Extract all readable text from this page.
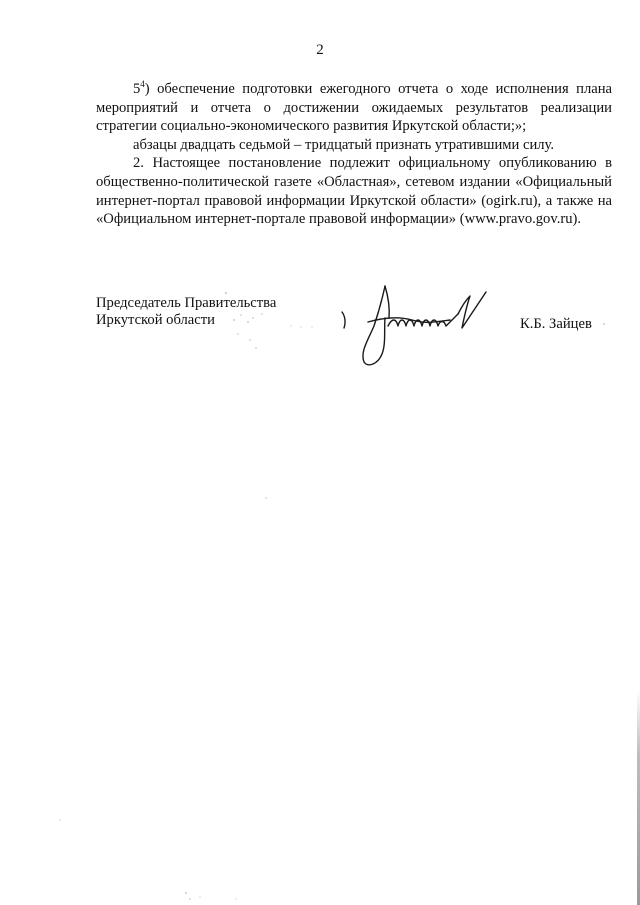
2

$5^4$) обеспечение подготовки ежегодного отчета о ходе исполнения плана мероприятий и отчета о достижении ожидаемых результатов реализации стратегии социально-экономического развития Иркутской области;»;

абзацы двадцать седьмой – тридцатый признать утратившими силу.

2. Настоящее постановление подлежит официальному опубликованию в общественно-политической газете «Областная», сетевом издании «Официальный интернет-портал правовой информации Иркутской области» (ogirk.ru), а также на «Официальном интернет-портале правовой информации» (www.pravo.gov.ru).

Председатель Правительства
Иркутской области	К.Б. Зайцев
